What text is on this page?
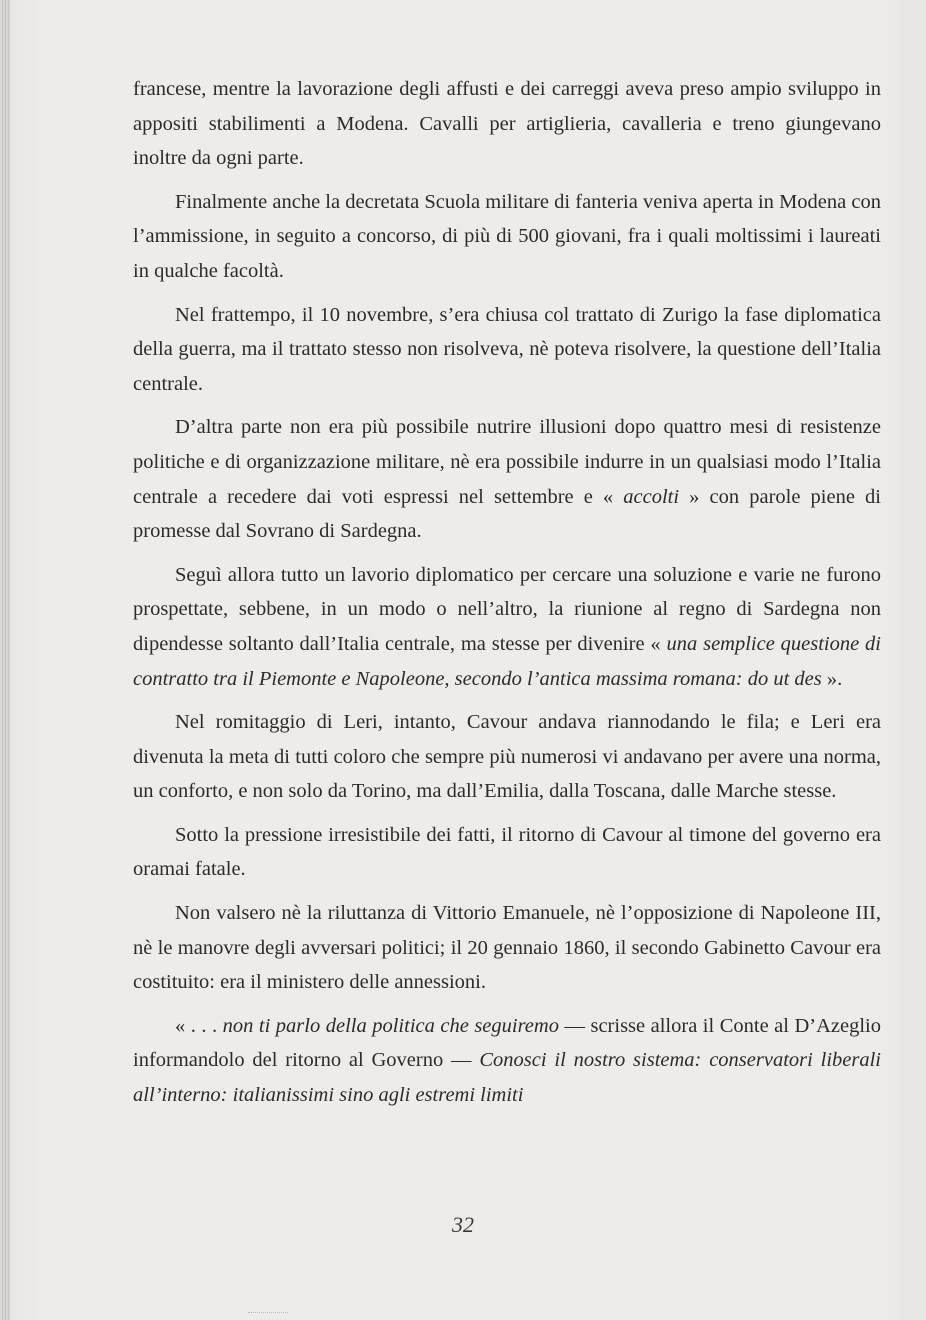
francese, mentre la lavorazione degli affusti e dei carreggi aveva preso ampio sviluppo in appositi stabilimenti a Modena. Cavalli per artiglieria, cavalleria e treno giungevano inoltre da ogni parte.

Finalmente anche la decretata Scuola militare di fanteria veniva aperta in Modena con l’ammissione, in seguito a concorso, di più di 500 giovani, fra i quali moltissimi i laureati in qualche facoltà.

Nel frattempo, il 10 novembre, s’era chiusa col trattato di Zurigo la fase diplomatica della guerra, ma il trattato stesso non risolveva, nè poteva risolvere, la questione dell’Italia centrale.

D’altra parte non era più possibile nutrire illusioni dopo quattro mesi di resistenze politiche e di organizzazione militare, nè era possibile indurre in un qualsiasi modo l’Italia centrale a recedere dai voti espressi nel settembre e « accolti » con parole piene di promesse dal Sovrano di Sardegna.

Seguì allora tutto un lavorio diplomatico per cercare una soluzione e varie ne furono prospettate, sebbene, in un modo o nell’altro, la riunione al regno di Sardegna non dipendesse soltanto dall’Italia centrale, ma stesse per divenire « una semplice questione di contratto tra il Piemonte e Napoleone, secondo l’antica massima romana: do ut des ».

Nel romitaggio di Leri, intanto, Cavour andava riannodando le fila; e Leri era divenuta la meta di tutti coloro che sempre più numerosi vi andavano per avere una norma, un conforto, e non solo da Torino, ma dall’Emilia, dalla Toscana, dalle Marche stesse.

Sotto la pressione irresistibile dei fatti, il ritorno di Cavour al timone del governo era oramai fatale.

Non valsero nè la riluttanza di Vittorio Emanuele, nè l’opposizione di Napoleone III, nè le manovre degli avversari politici; il 20 gennaio 1860, il secondo Gabinetto Cavour era costituito: era il ministero delle annessioni.

« . . . non ti parlo della politica che seguiremo — scrisse allora il Conte al D’Azeglio informandolo del ritorno al Governo — Conosci il nostro sistema: conservatori liberali all’interno: italianissimi sino agli estremi limiti

32
